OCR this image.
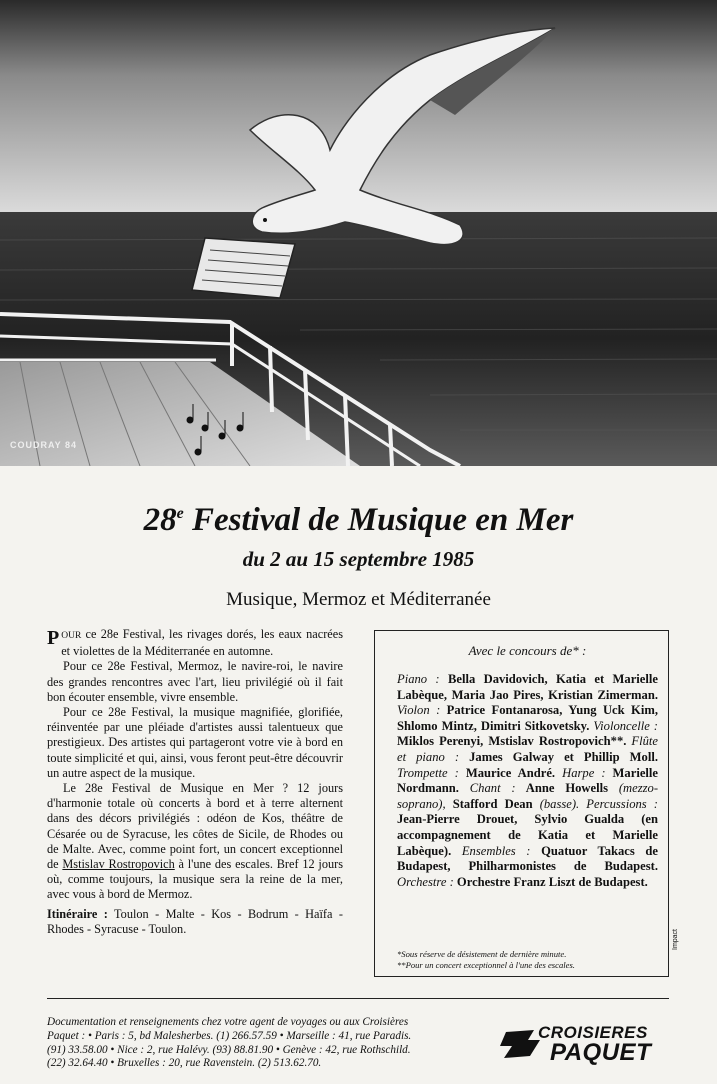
COUDRAY 84
28e Festival de Musique en Mer
du 2 au 15 septembre 1985
Musique, Mermoz et Méditerranée

POUR ce 28e Festival, les rivages dorés, les eaux nacrées et violettes de la Méditerranée en automne.

Pour ce 28e Festival, Mermoz, le navire-roi, le navire des grandes rencontres avec l'art, lieu privilégié où il fait bon écouter ensemble, vivre ensemble.

Pour ce 28e Festival, la musique magnifiée, glorifiée, réinventée par une pléiade d'artistes aussi talentueux que prestigieux. Des artistes qui partageront votre vie à bord en toute simplicité et qui, ainsi, vous feront peut-être découvrir un autre aspect de la musique.

Le 28e Festival de Musique en Mer ? 12 jours d'harmonie totale où concerts à bord et à terre alternent dans des décors privilégiés : odéon de Kos, théâtre de Césarée ou de Syracuse, les côtes de Sicile, de Rhodes ou de Malte. Avec, comme point fort, un concert exceptionnel de Mstislav Rostropovich à l'une des escales. Bref 12 jours où, comme toujours, la musique sera la reine de la mer, avec vous à bord de Mermoz.

Itinéraire : Toulon - Malte - Kos - Bodrum - Haïfa - Rhodes - Syracuse - Toulon.

Avec le concours de* :
Piano : Bella Davidovich, Katia et Marielle Labèque, Maria Jao Pires, Kristian Zimerman. Violon : Patrice Fontanarosa, Yung Uck Kim, Shlomo Mintz, Dimitri Sitkovetsky. Violoncelle : Miklos Perenyi, Mstislav Rostropovich**. Flûte et piano : James Galway et Phillip Moll. Trompette : Maurice André. Harpe : Marielle Nordmann. Chant : Anne Howells (mezzo-soprano), Stafford Dean (basse). Percussions : Jean-Pierre Drouet, Sylvio Gualda (en accompagnement de Katia et Marielle Labèque). Ensembles : Quatuor Takacs de Budapest, Philharmonistes de Budapest. Orchestre : Orchestre Franz Liszt de Budapest.
*Sous réserve de désistement de dernière minute.
**Pour un concert exceptionnel à l'une des escales.
Impact
Documentation et renseignements chez votre agent de voyages ou aux Croisières
Paquet : • Paris : 5, bd Malesherbes. (1) 266.57.59 • Marseille : 41, rue Paradis.
(91) 33.58.00 • Nice : 2, rue Halévy. (93) 88.81.90 • Genève : 42, rue Rothschild.
(22) 32.64.40 • Bruxelles : 20, rue Ravenstein. (2) 513.62.70.
CROISIERES
PAQUET
